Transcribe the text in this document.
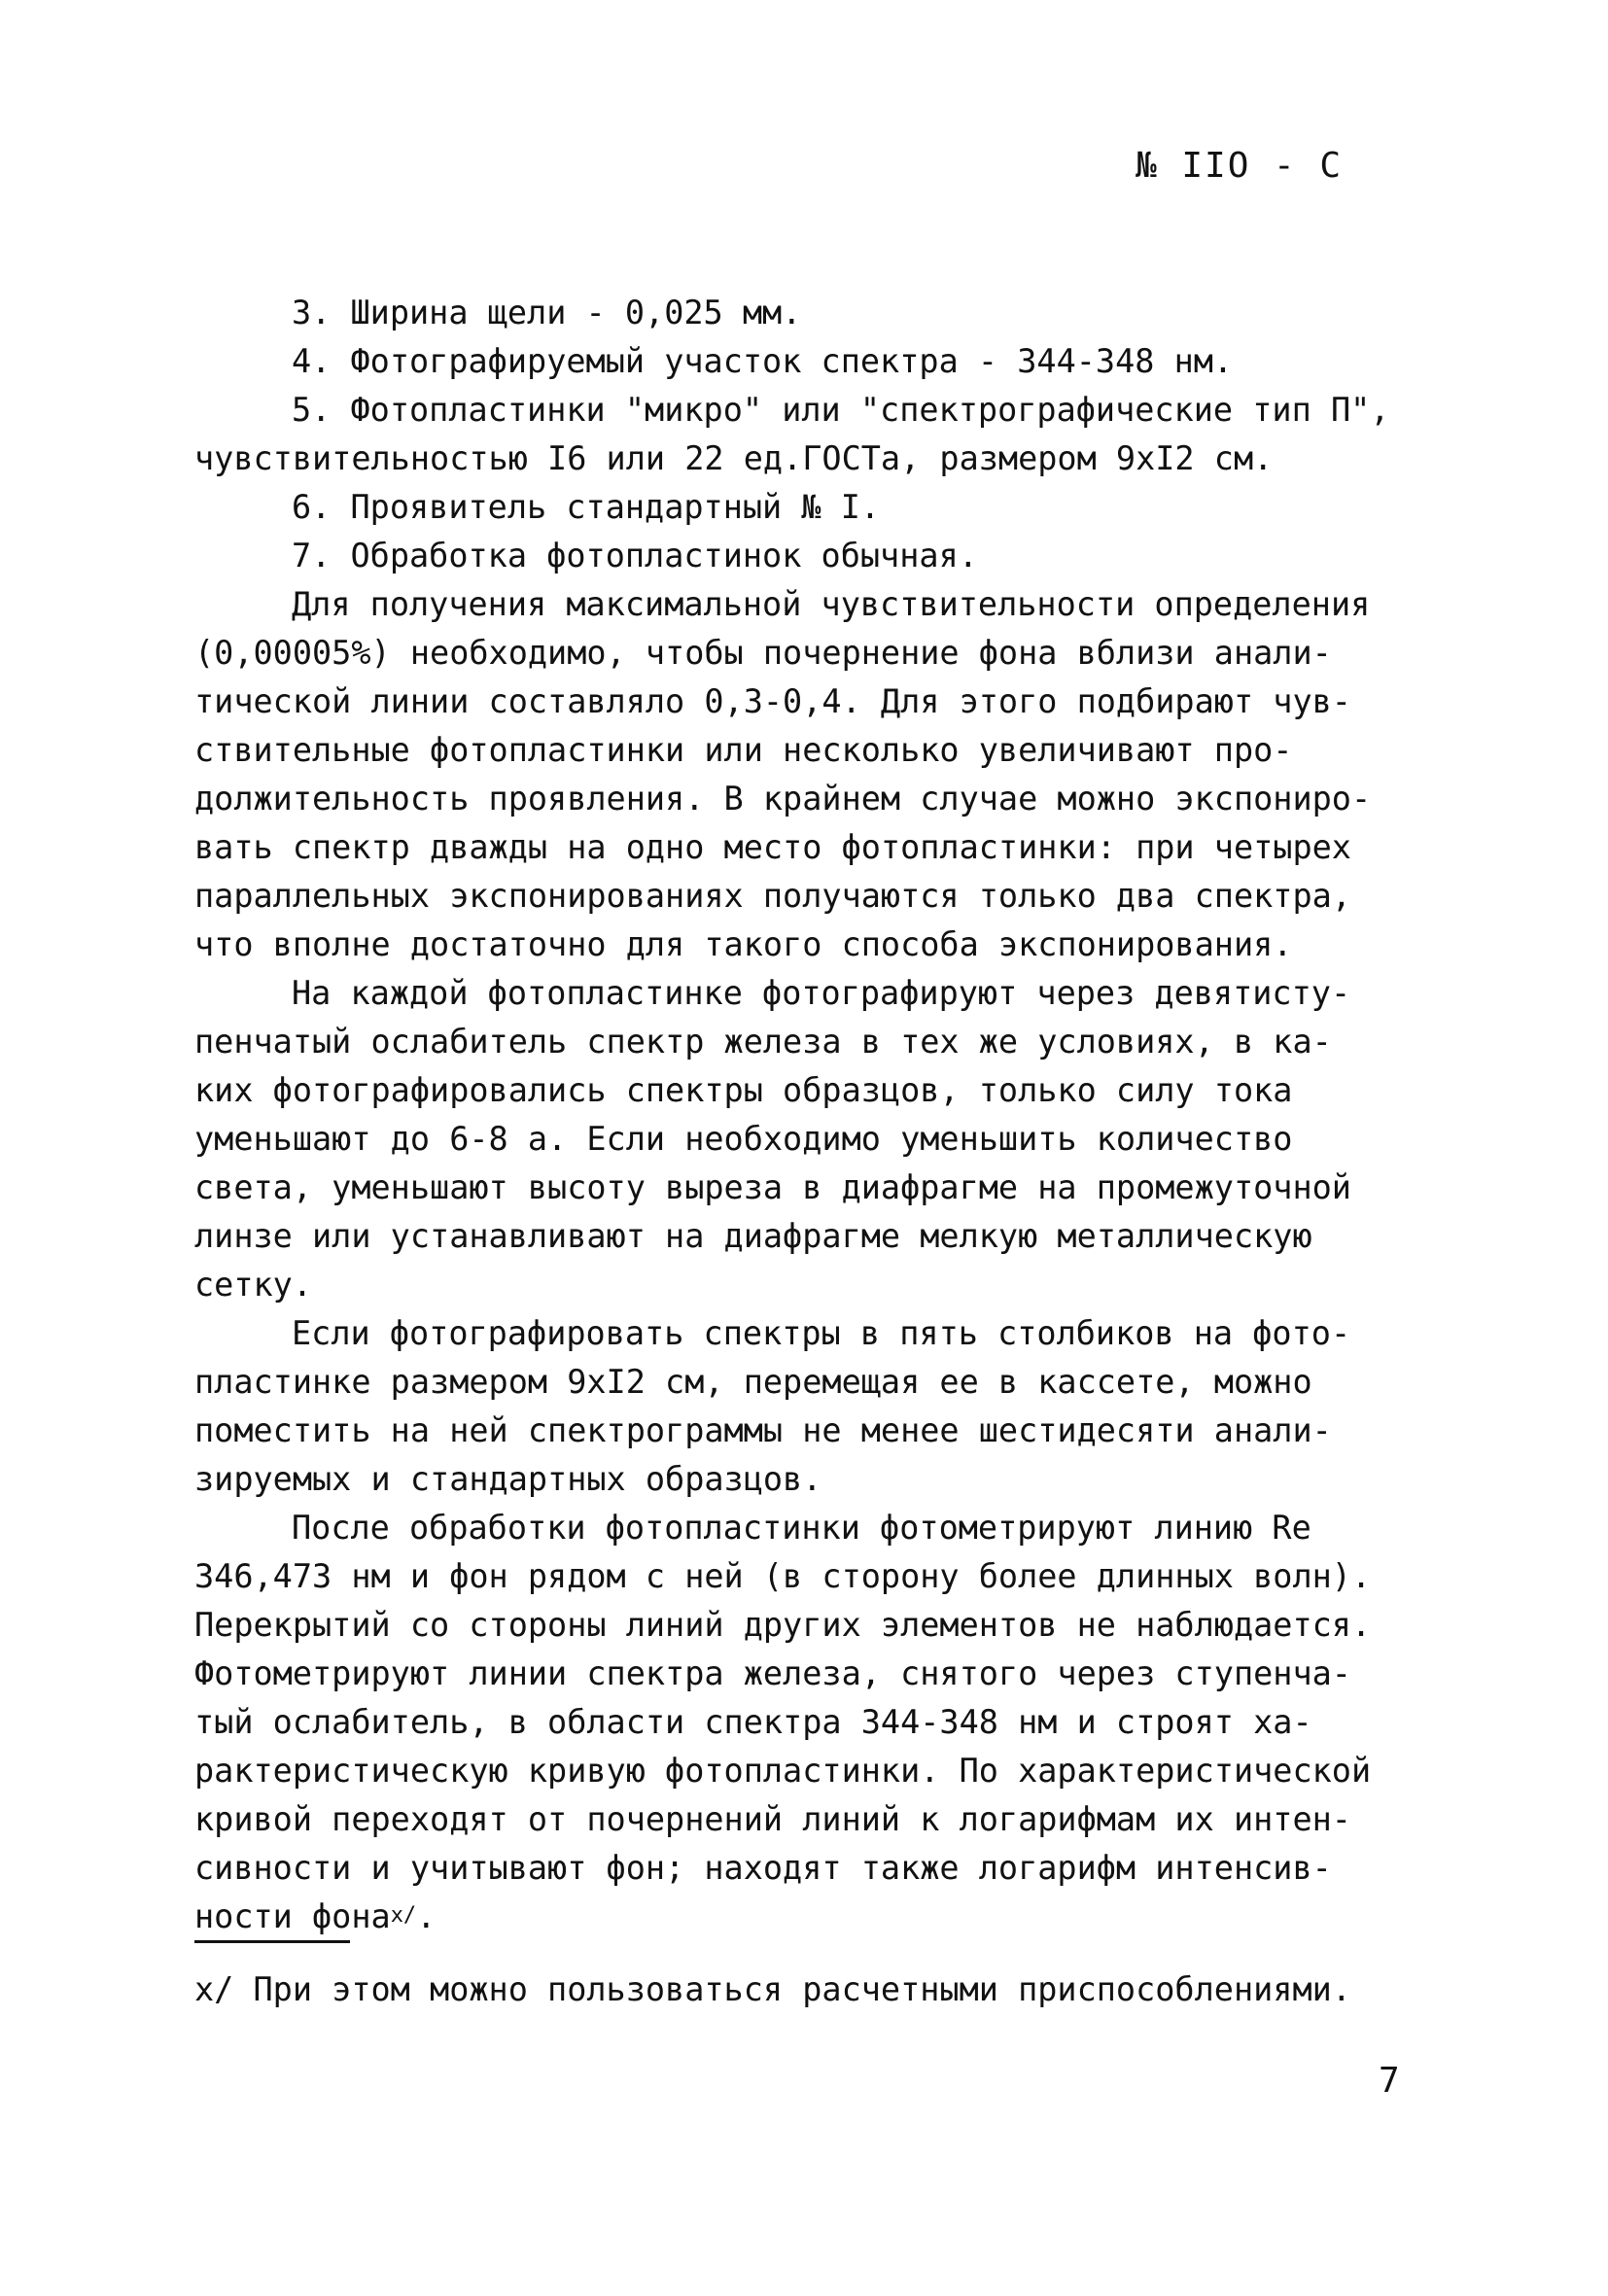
№ IIO - С
3. Ширина щели - 0,025 мм.
4. Фотографируемый участок спектра - 344-348 нм.
5. Фотопластинки "микро" или "спектрографические тип П",
чувствительностью I6 или 22 ед.ГОСТа, размером 9xI2 см.
6. Проявитель стандартный № I.
7. Обработка фотопластинок обычная.
Для получения максимальной чувствительности определения
(0,00005%) необходимо, чтобы почернение фона вблизи анали-
тической линии составляло 0,3-0,4. Для этого подбирают чув-
ствительные фотопластинки или несколько увеличивают про-
должительность проявления. В крайнем случае можно экспониро-
вать спектр дважды на одно место фотопластинки: при четырех
параллельных экспонированиях получаются только два спектра,
что вполне достаточно для такого способа экспонирования.
На каждой фотопластинке фотографируют через девятисту-
пенчатый ослабитель спектр железа в тех же условиях, в ка-
ких фотографировались спектры образцов, только силу тока
уменьшают до 6-8 а. Если необходимо уменьшить количество
света, уменьшают высоту выреза в диафрагме на промежуточной
линзе или устанавливают на диафрагме мелкую металлическую
сетку.
Если фотографировать спектры в пять столбиков на фото-
пластинке размером 9xI2 см, перемещая ее в кассете, можно
поместить на ней спектрограммы не менее шестидесяти анали-
зируемых и стандартных образцов.
После обработки фотопластинки фотометрируют линию Re
346,473 нм и фон рядом с ней (в сторону более длинных волн).
Перекрытий со стороны линий других элементов не наблюдается.
Фотометрируют линии спектра железа, снятого через ступенча-
тый ослабитель, в области спектра 344-348 нм и строят ха-
рактеристическую кривую фотопластинки. По характеристической
кривой переходят от почернений линий к логарифмам их интен-
сивности и учитывают фон; находят также логарифм интенсив-
ности фона$^{x/}$.
x/ При этом можно пользоваться расчетными приспособлениями.
7
